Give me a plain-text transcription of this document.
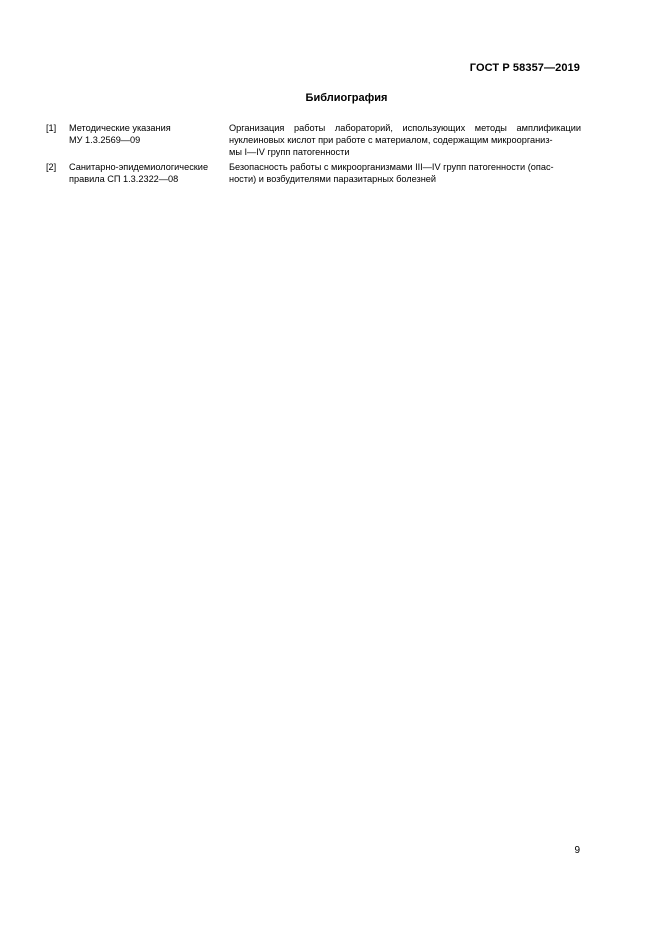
ГОСТ Р 58357—2019
Библиография
[1]	Методические указания
МУ 1.3.2569—09
Организация работы лабораторий, использующих методы амплификации нуклеиновых кислот при работе с материалом, содержащим микроорганиз-
мы I—IV групп патогенности
[2]	Санитарно-эпидемиологические
правила СП 1.3.2322—08
Безопасность работы с микроорганизмами III—IV групп патогенности (опас-
ности) и возбудителями паразитарных болезней
9
